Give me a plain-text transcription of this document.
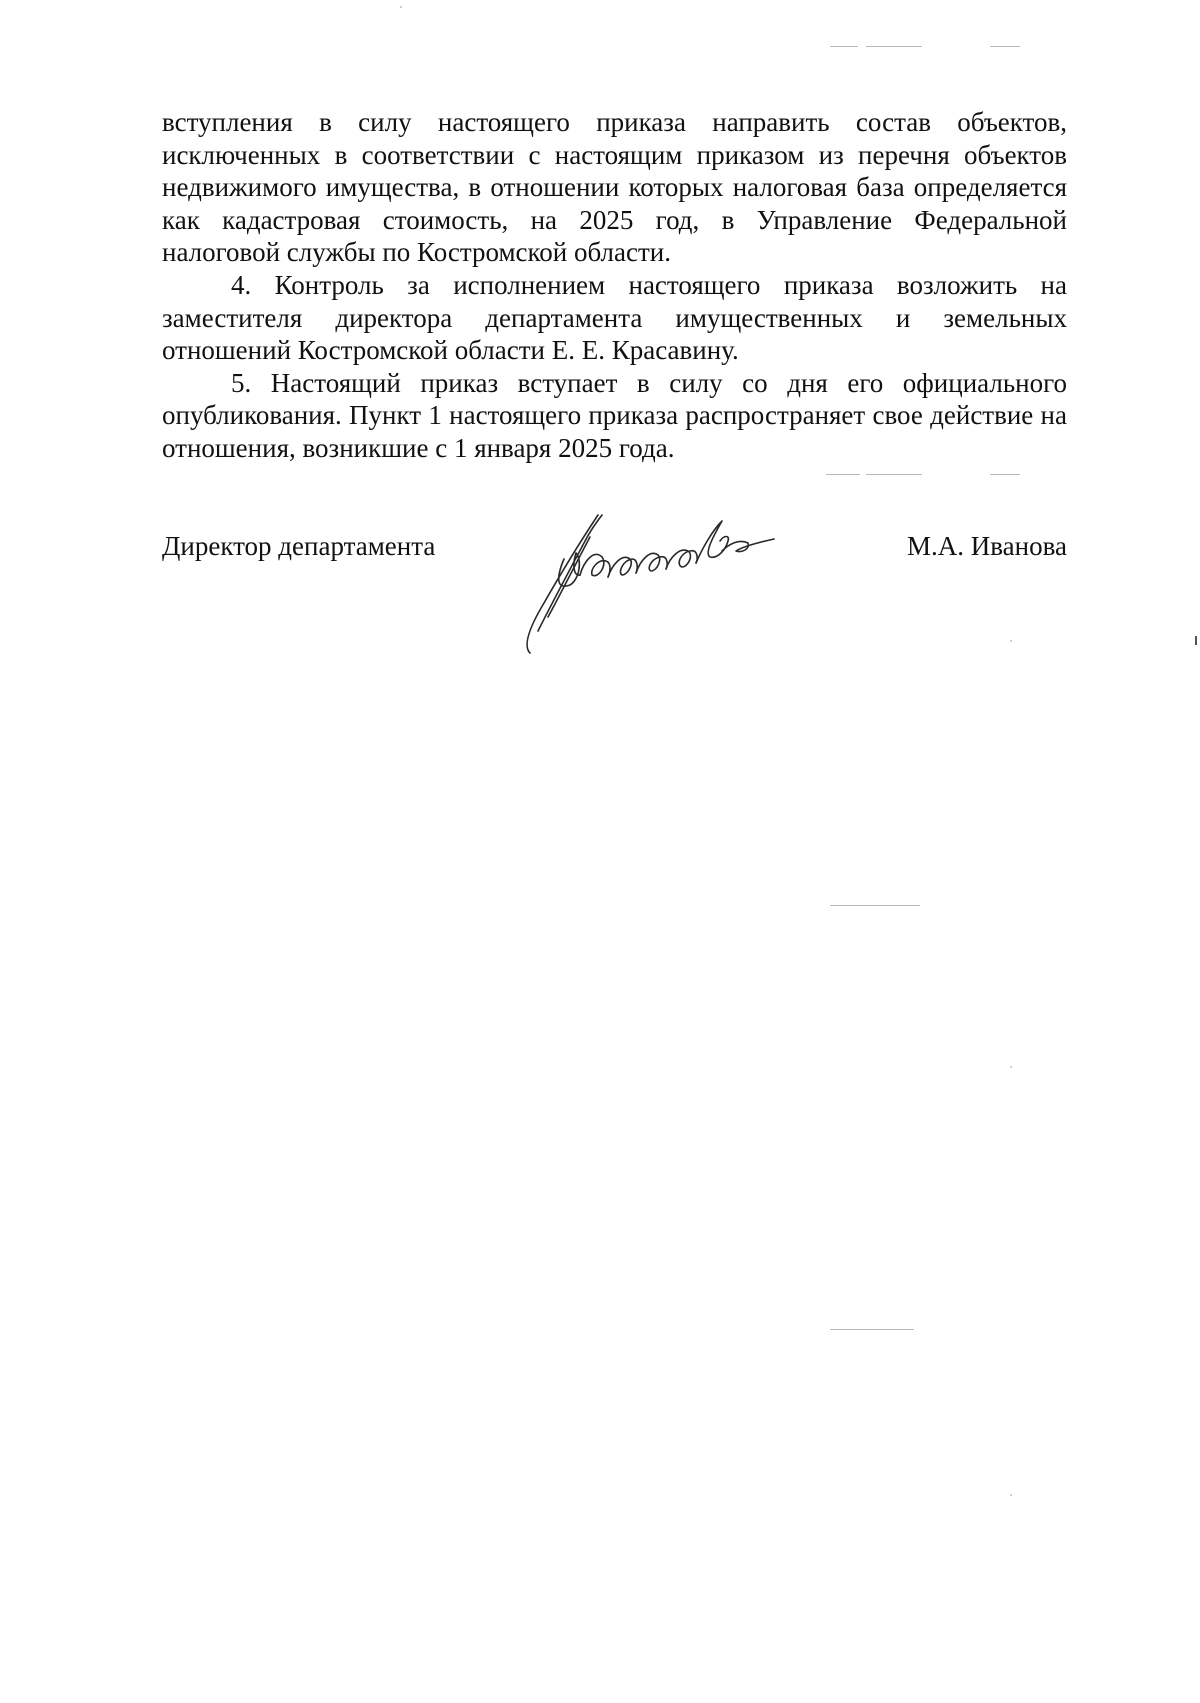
вступления в силу настоящего приказа направить состав объектов, исключенных в соответствии с настоящим приказом из перечня объектов недвижимого имущества, в отношении которых налоговая база определяется как кадастровая стоимость, на 2025 год, в Управление Федеральной налоговой службы по Костромской области.

4. Контроль за исполнением настоящего приказа возложить на заместителя директора департамента имущественных и земельных отношений Костромской области Е. Е. Красавину.

5. Настоящий приказ вступает в силу со дня его официального опубликования. Пункт 1 настоящего приказа распространяет свое действие на отношения, возникшие с 1 января 2025 года.

Директор департамента	М.А. Иванова
